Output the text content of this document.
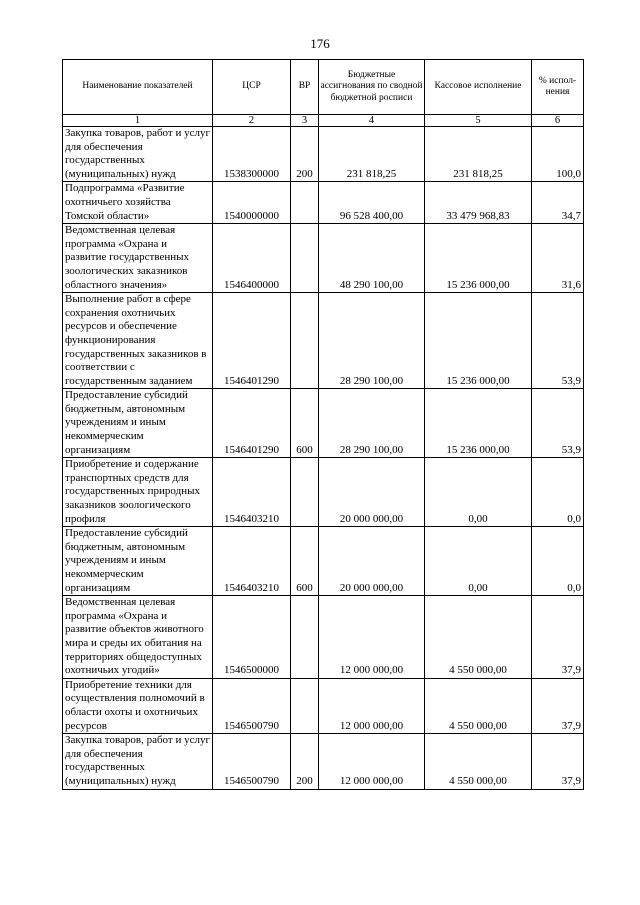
176
Наименование показателей	ЦСР	ВР	Бюджетные ассигнования по сводной бюджетной росписи	Кассовое исполнение	% испол-нения
1	2	3	4	5	6
Закупка товаров, работ и услуг для обеспечения государственных (муниципальных) нужд	1538300000	200	231 818,25	231 818,25	100,0
Подпрограмма «Развитие охотничьего хозяйства Томской области»	1540000000		96 528 400,00	33 479 968,83	34,7
Ведомственная целевая программа «Охрана и развитие государственных зоологических заказников областного значения»	1546400000		48 290 100,00	15 236 000,00	31,6
Выполнение работ в сфере сохранения охотничьих ресурсов и обеспечение функционирования государственных заказников в соответствии с государственным заданием	1546401290		28 290 100,00	15 236 000,00	53,9
Предоставление субсидий бюджетным, автономным учреждениям и иным некоммерческим организациям	1546401290	600	28 290 100,00	15 236 000,00	53,9
Приобретение и содержание транспортных средств для государственных природных заказников зоологического профиля	1546403210		20 000 000,00	0,00	0,0
Предоставление субсидий бюджетным, автономным учреждениям и иным некоммерческим организациям	1546403210	600	20 000 000,00	0,00	0,0
Ведомственная целевая программа «Охрана и развитие объектов животного мира и среды их обитания на территориях общедоступных охотничьих угодий»	1546500000		12 000 000,00	4 550 000,00	37,9
Приобретение техники для осуществления полномочий в области охоты и охотничьих ресурсов	1546500790		12 000 000,00	4 550 000,00	37,9
Закупка товаров, работ и услуг для обеспечения государственных (муниципальных) нужд	1546500790	200	12 000 000,00	4 550 000,00	37,9
